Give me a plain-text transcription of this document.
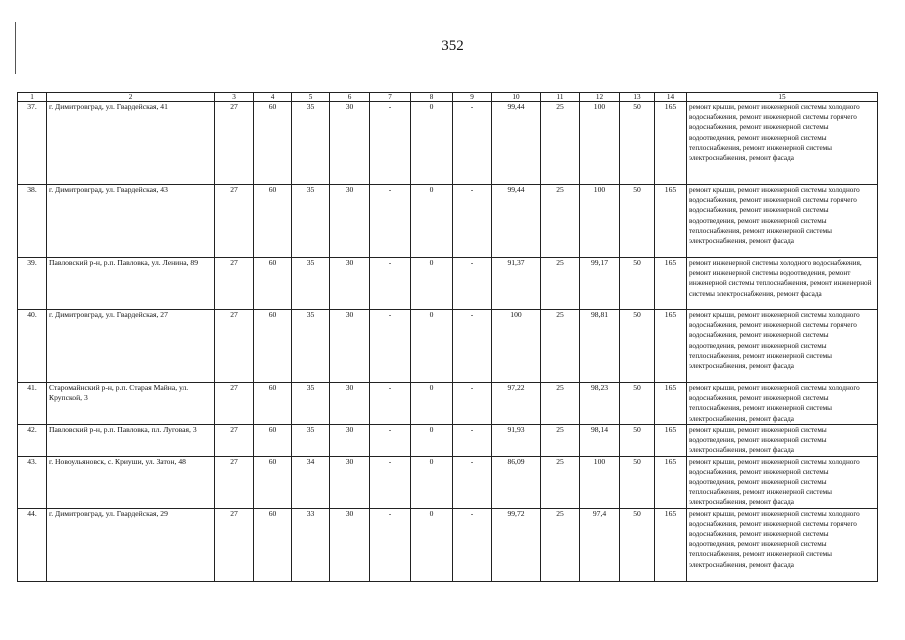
352
1	2	3	4	5	6	7	8	9	10	11	12	13	14	15
37.	г. Димитровград, ул. Гвардейская, 41	27	60	35	30	-	0	-	99,44	25	100	50	165	ремонт крыши, ремонт инженерной системы холодного водоснабжения, ремонт инженерной системы горячего водоснабжения, ремонт инженерной системы водоотведения, ремонт инженерной системы теплоснабжения, ремонт инженерной системы электроснабжения, ремонт фасада
38.	г. Димитровград, ул. Гвардейская, 43	27	60	35	30	-	0	-	99,44	25	100	50	165	ремонт крыши, ремонт инженерной системы холодного водоснабжения, ремонт инженерной системы горячего водоснабжения, ремонт инженерной системы водоотведения, ремонт инженерной системы теплоснабжения, ремонт инженерной системы электроснабжения, ремонт фасада
39.	Павловский р-н, р.п. Павловка, ул. Ленина, 89	27	60	35	30	-	0	-	91,37	25	99,17	50	165	ремонт инженерной системы холодного водоснабжения, ремонт инженерной системы водоотведения, ремонт инженерной системы теплоснабжения, ремонт инженерной системы электроснабжения, ремонт фасада
40.	г. Димитровград, ул. Гвардейская, 27	27	60	35	30	-	0	-	100	25	98,81	50	165	ремонт крыши, ремонт инженерной системы холодного водоснабжения, ремонт инженерной системы горячего водоснабжения, ремонт инженерной системы водоотведения, ремонт инженерной системы теплоснабжения, ремонт инженерной системы электроснабжения, ремонт фасада
41.	Старомайнский р-н, р.п. Старая Майна, ул. Крупской, 3	27	60	35	30	-	0	-	97,22	25	98,23	50	165	ремонт крыши, ремонт инженерной системы холодного водоснабжения, ремонт инженерной системы теплоснабжения, ремонт инженерной системы электроснабжения, ремонт фасада
42.	Павловский р-н, р.п. Павловка, пл. Луговая, 3	27	60	35	30	-	0	-	91,93	25	98,14	50	165	ремонт крыши, ремонт инженерной системы водоотведения, ремонт инженерной системы электроснабжения, ремонт фасада
43.	г. Новоульяновск, с. Криуши, ул. Затон, 48	27	60	34	30	-	0	-	86,09	25	100	50	165	ремонт крыши, ремонт инженерной системы холодного водоснабжения, ремонт инженерной системы водоотведения, ремонт инженерной системы теплоснабжения, ремонт инженерной системы электроснабжения, ремонт фасада
44.	г. Димитровград, ул. Гвардейская, 29	27	60	33	30	-	0	-	99,72	25	97,4	50	165	ремонт крыши, ремонт инженерной системы холодного водоснабжения, ремонт инженерной системы горячего водоснабжения, ремонт инженерной системы водоотведения, ремонт инженерной системы теплоснабжения, ремонт инженерной системы электроснабжения, ремонт фасада
